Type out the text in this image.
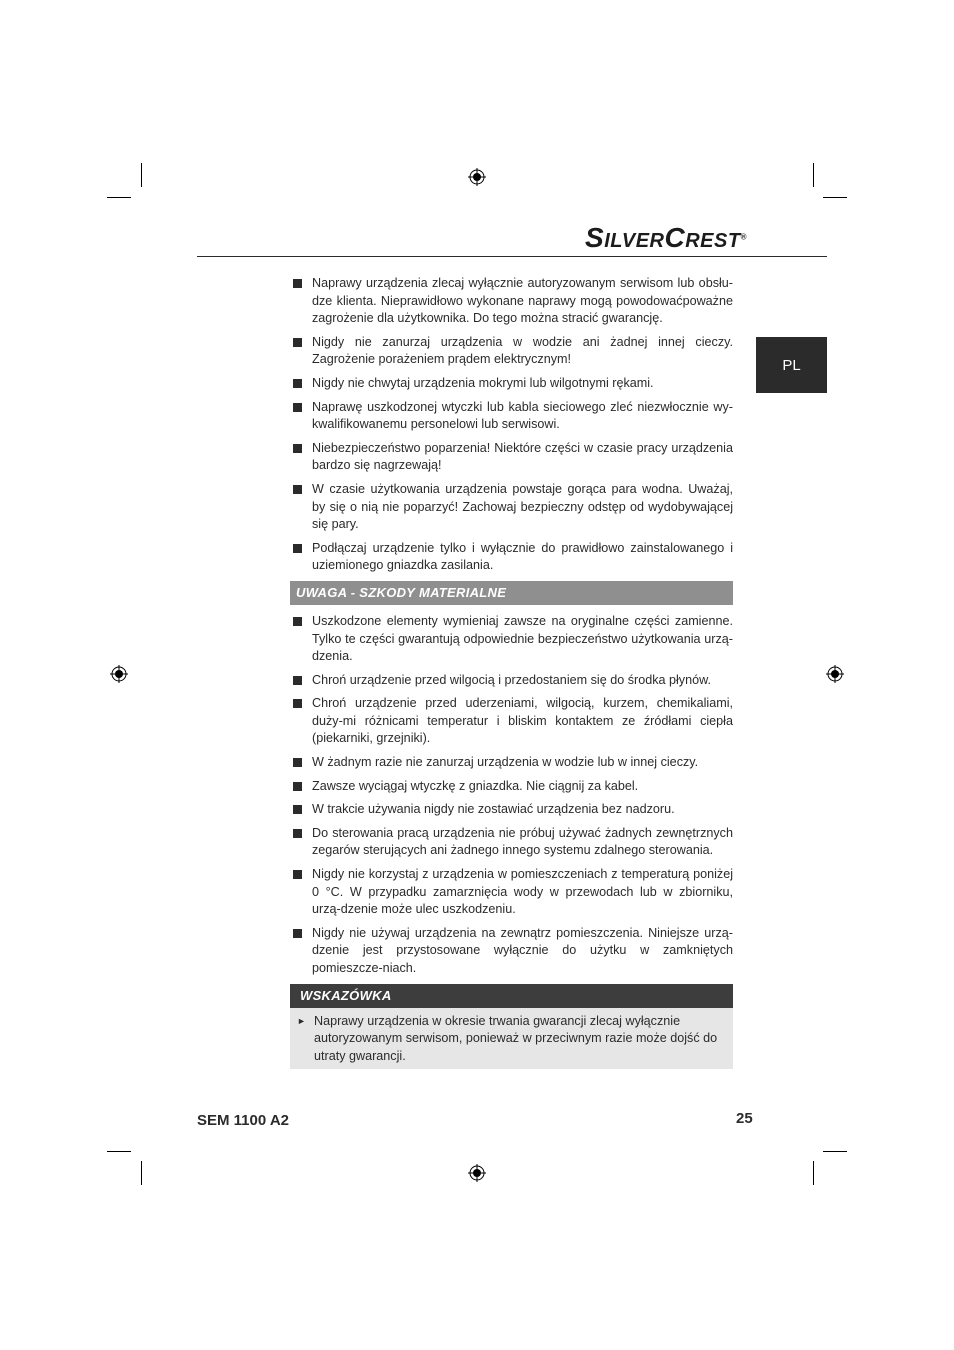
SILVERCREST®
PL
Naprawy urządzenia zlecaj wyłącznie autoryzowanym serwisom lub obsłu-dze klienta. Nieprawidłowo wykonane naprawy mogą powodowaćpoważne zagrożenie dla użytkownika. Do tego można stracić gwarancję.
Nigdy nie zanurzaj urządzenia w wodzie ani żadnej innej cieczy. Zagrożenie porażeniem prądem elektrycznym!
Nigdy nie chwytaj urządzenia mokrymi lub wilgotnymi rękami.
Naprawę uszkodzonej wtyczki lub kabla sieciowego zleć niezwłocznie wy-kwalifikowanemu personelowi lub serwisowi.
Niebezpieczeństwo poparzenia! Niektóre części w czasie pracy urządzenia bardzo się nagrzewają!
W czasie użytkowania urządzenia powstaje gorąca para wodna. Uważaj, by się o nią nie poparzyć! Zachowaj bezpieczny odstęp od wydobywającej się pary.
Podłączaj urządzenie tylko i wyłącznie do prawidłowo zainstalowanego i uziemionego gniazdka zasilania.
UWAGA - SZKODY MATERIALNE
Uszkodzone elementy wymieniaj zawsze na oryginalne części zamienne. Tylko te części gwarantują odpowiednie bezpieczeństwo użytkowania urzą-dzenia.
Chroń urządzenie przed wilgocią i przedostaniem się do środka płynów.
Chroń urządzenie przed uderzeniami, wilgocią, kurzem, chemikaliami, duży-mi różnicami temperatur i bliskim kontaktem ze źródłami ciepła (piekarniki, grzejniki).
W żadnym razie nie zanurzaj urządzenia w wodzie lub w innej cieczy.
Zawsze wyciągaj wtyczkę z gniazdka. Nie ciągnij za kabel.
W trakcie używania nigdy nie zostawiać urządzenia bez nadzoru.
Do sterowania pracą urządzenia nie próbuj używać żadnych zewnętrznych zegarów sterujących ani żadnego innego systemu zdalnego sterowania.
Nigdy nie korzystaj z urządzenia w pomieszczeniach z temperaturą poniżej 0 °C. W przypadku zamarznięcia wody w przewodach lub w zbiorniku, urzą-dzenie może ulec uszkodzeniu.
Nigdy nie używaj urządzenia na zewnątrz pomieszczenia. Niniejsze urzą-dzenie jest przystosowane wyłącznie do użytku w zamkniętych pomieszcze-niach.
WSKAZÓWKA
► Naprawy urządzenia w okresie trwania gwarancji zlecaj wyłącznie autoryzowanym serwisom, ponieważ w przeciwnym razie może dojść do utraty gwarancji.
SEM 1100 A2	25
